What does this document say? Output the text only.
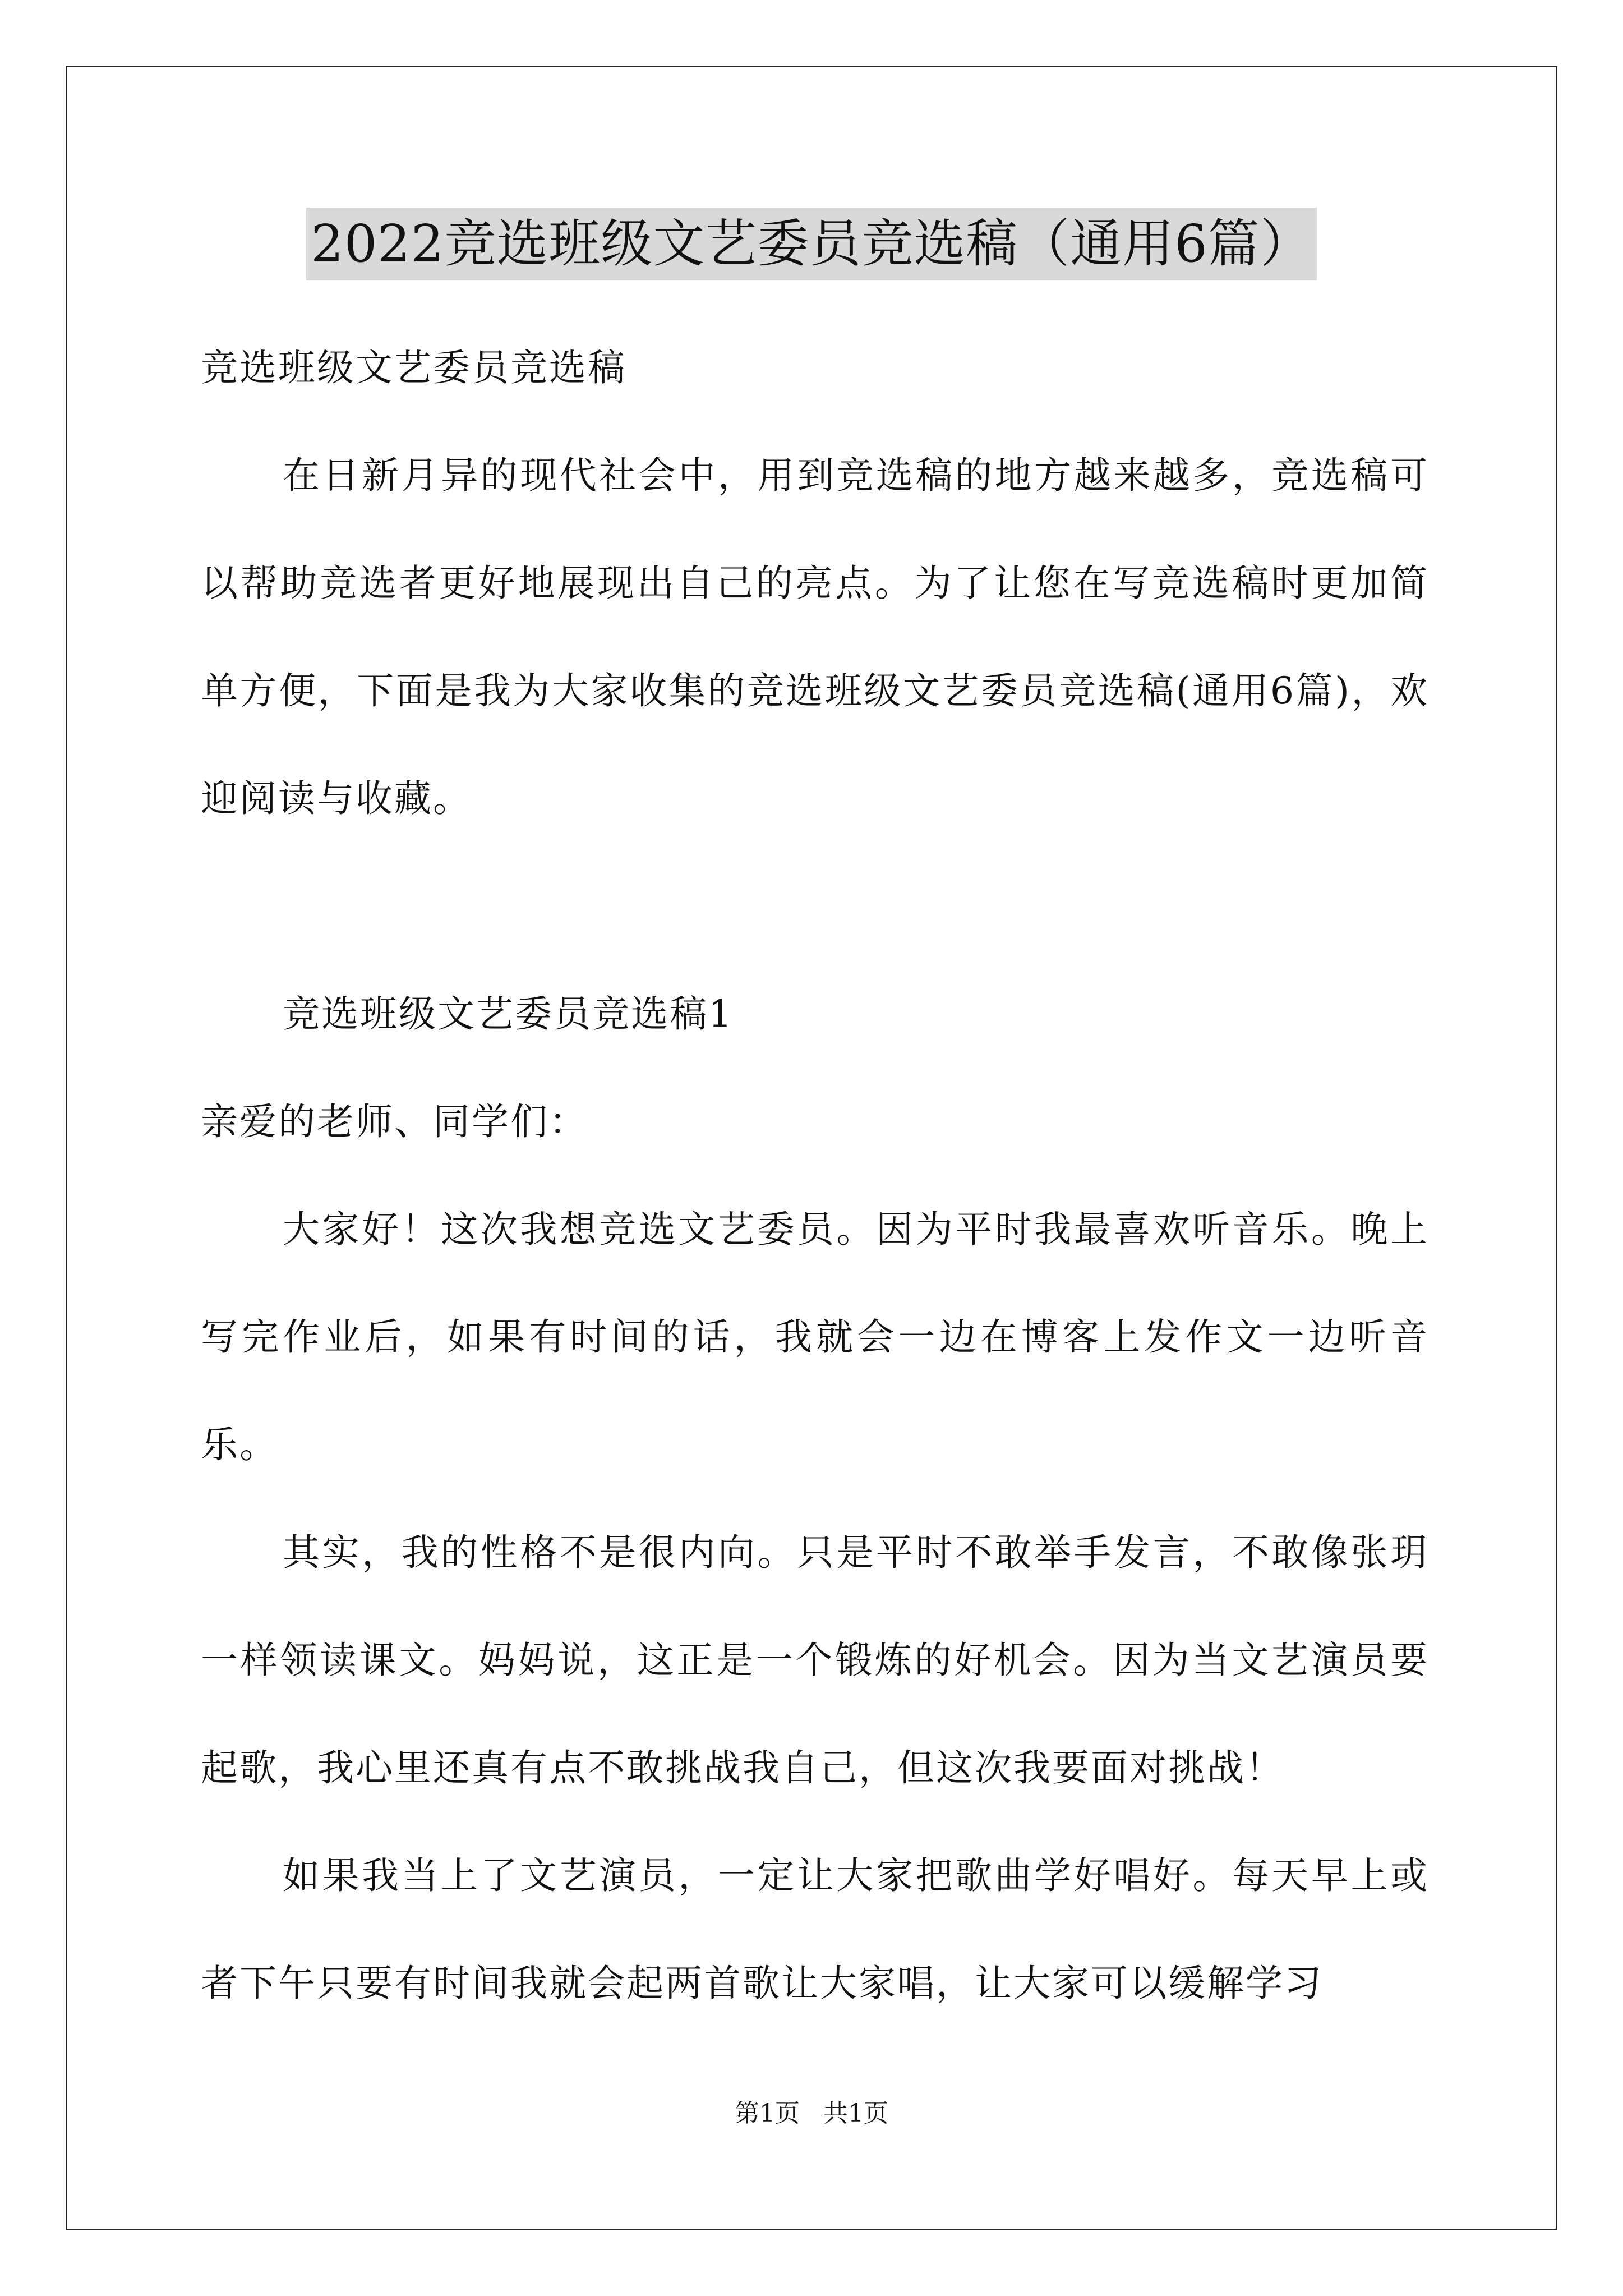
2022竞选班级文艺委员竞选稿（通用6篇）

竞选班级文艺委员竞选稿

在日新月异的现代社会中，用到竞选稿的地方越来越多，竞选稿可以帮助竞选者更好地展现出自己的亮点。为了让您在写竞选稿时更加简单方便，下面是我为大家收集的竞选班级文艺委员竞选稿(通用6篇)，欢迎阅读与收藏。

竞选班级文艺委员竞选稿1

亲爱的老师、同学们：

大家好！这次我想竞选文艺委员。因为平时我最喜欢听音乐。晚上写完作业后，如果有时间的话，我就会一边在博客上发作文一边听音乐。

其实，我的性格不是很内向。只是平时不敢举手发言，不敢像张玥一样领读课文。妈妈说，这正是一个锻炼的好机会。因为当文艺演员要起歌，我心里还真有点不敢挑战我自己，但这次我要面对挑战！

如果我当上了文艺演员，一定让大家把歌曲学好唱好。每天早上或者下午只要有时间我就会起两首歌让大家唱，让大家可以缓解学习

第1页   共1页
